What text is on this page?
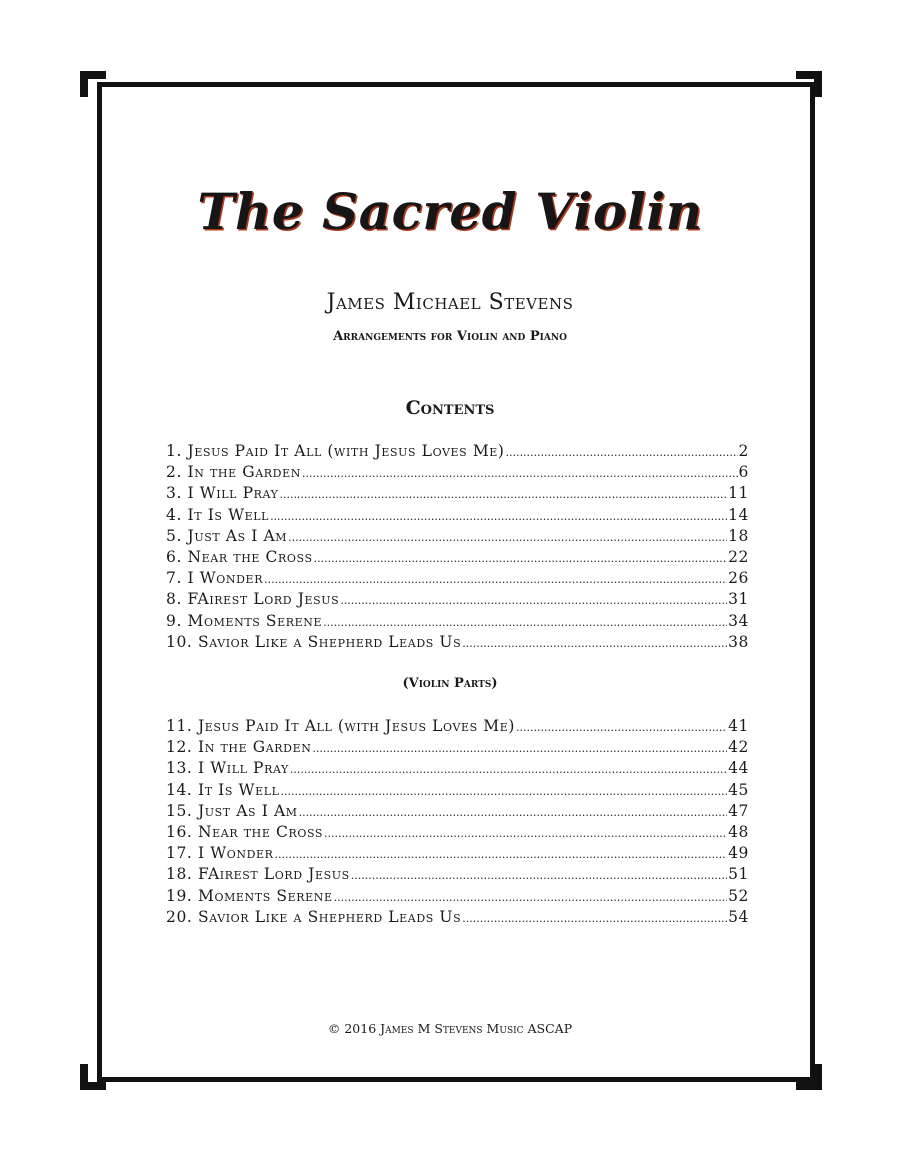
The Sacred Violin
James Michael Stevens
Arrangements for Violin and Piano
Contents
1. Jesus Paid It All (with Jesus Loves Me) .....	2
2. In the Garden .....	6
3. I Will Pray .....	11
4. It Is Well .....	14
5. Just As I Am .....	18
6. Near the Cross .....	22
7. I Wonder .....	26
8. FAirest Lord Jesus .....	31
9. Moments Serene .....	34
10. Savior Like a Shepherd Leads Us .....	38
(Violin Parts)
11. Jesus Paid It All (with Jesus Loves Me) .....	41
12. In the Garden .....	42
13. I Will Pray .....	44
14. It Is Well .....	45
15. Just As I Am .....	47
16. Near the Cross .....	48
17. I Wonder .....	49
18. FAirest Lord Jesus .....	51
19. Moments Serene .....	52
20. Savior Like a Shepherd Leads Us .....	54
© 2016 James M Stevens Music ASCAP
